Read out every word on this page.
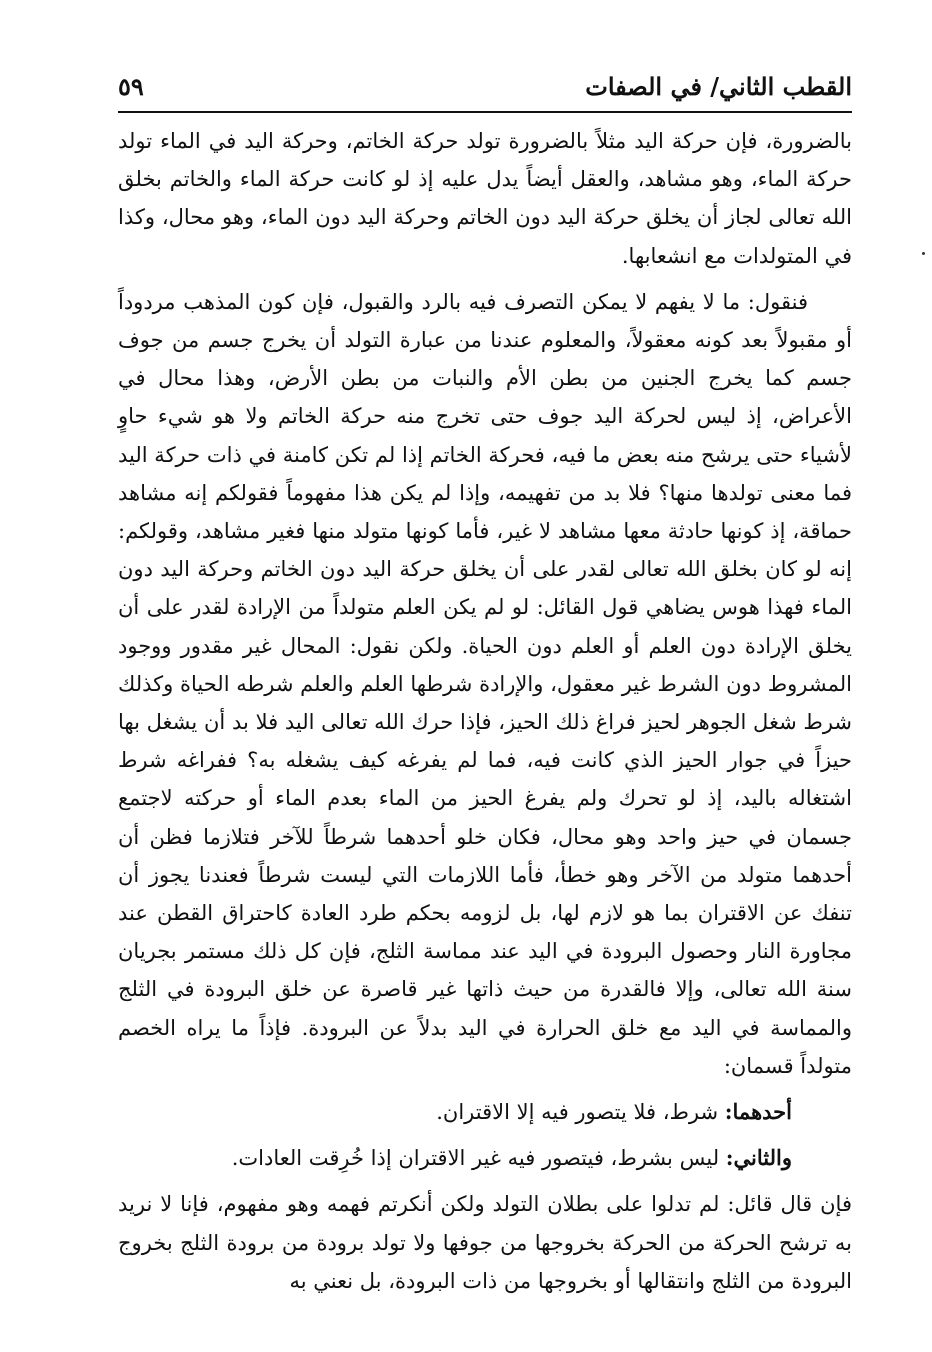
القطب الثاني/ في الصفات
٥٩

بالضرورة، فإن حركة اليد مثلاً بالضرورة تولد حركة الخاتم، وحركة اليد في الماء تولد حركة الماء، وهو مشاهد، والعقل أيضاً يدل عليه إذ لو كانت حركة الماء والخاتم بخلق الله تعالى لجاز أن يخلق حركة اليد دون الخاتم وحركة اليد دون الماء، وهو محال، وكذا في المتولدات مع انشعابها.

فنقول: ما لا يفهم لا يمكن التصرف فيه بالرد والقبول، فإن كون المذهب مردوداً أو مقبولاً بعد كونه معقولاً، والمعلوم عندنا من عبارة التولد أن يخرج جسم من جوف جسم كما يخرج الجنين من بطن الأم والنبات من بطن الأرض، وهذا محال في الأعراض، إذ ليس لحركة اليد جوف حتى تخرج منه حركة الخاتم ولا هو شيء حاوٍ لأشياء حتى يرشح منه بعض ما فيه، فحركة الخاتم إذا لم تكن كامنة في ذات حركة اليد فما معنى تولدها منها؟ فلا بد من تفهيمه، وإذا لم يكن هذا مفهوماً فقولكم إنه مشاهد حماقة، إذ كونها حادثة معها مشاهد لا غير، فأما كونها متولد منها فغير مشاهد، وقولكم: إنه لو كان بخلق الله تعالى لقدر على أن يخلق حركة اليد دون الخاتم وحركة اليد دون الماء فهذا هوس يضاهي قول القائل: لو لم يكن العلم متولداً من الإرادة لقدر على أن يخلق الإرادة دون العلم أو العلم دون الحياة. ولكن نقول: المحال غير مقدور ووجود المشروط دون الشرط غير معقول، والإرادة شرطها العلم والعلم شرطه الحياة وكذلك شرط شغل الجوهر لحيز فراغ ذلك الحيز، فإذا حرك الله تعالى اليد فلا بد أن يشغل بها حيزاً في جوار الحيز الذي كانت فيه، فما لم يفرغه كيف يشغله به؟ ففراغه شرط اشتغاله باليد، إذ لو تحرك ولم يفرغ الحيز من الماء بعدم الماء أو حركته لاجتمع جسمان في حيز واحد وهو محال، فكان خلو أحدهما شرطاً للآخر فتلازما فظن أن أحدهما متولد من الآخر وهو خطأ، فأما اللازمات التي ليست شرطاً فعندنا يجوز أن تنفك عن الاقتران بما هو لازم لها، بل لزومه بحكم طرد العادة كاحتراق القطن عند مجاورة النار وحصول البرودة في اليد عند مماسة الثلج، فإن كل ذلك مستمر بجريان سنة الله تعالى، وإلا فالقدرة من حيث ذاتها غير قاصرة عن خلق البرودة في الثلج والمماسة في اليد مع خلق الحرارة في اليد بدلاً عن البرودة. فإذاً ما يراه الخصم متولداً قسمان:

أحدهما: شرط، فلا يتصور فيه إلا الاقتران.

والثاني: ليس بشرط، فيتصور فيه غير الاقتران إذا خُرِقت العادات.

فإن قال قائل: لم تدلوا على بطلان التولد ولكن أنكرتم فهمه وهو مفهوم، فإنا لا نريد به ترشح الحركة من الحركة بخروجها من جوفها ولا تولد برودة من برودة الثلج بخروج البرودة من الثلج وانتقالها أو بخروجها من ذات البرودة، بل نعني به
